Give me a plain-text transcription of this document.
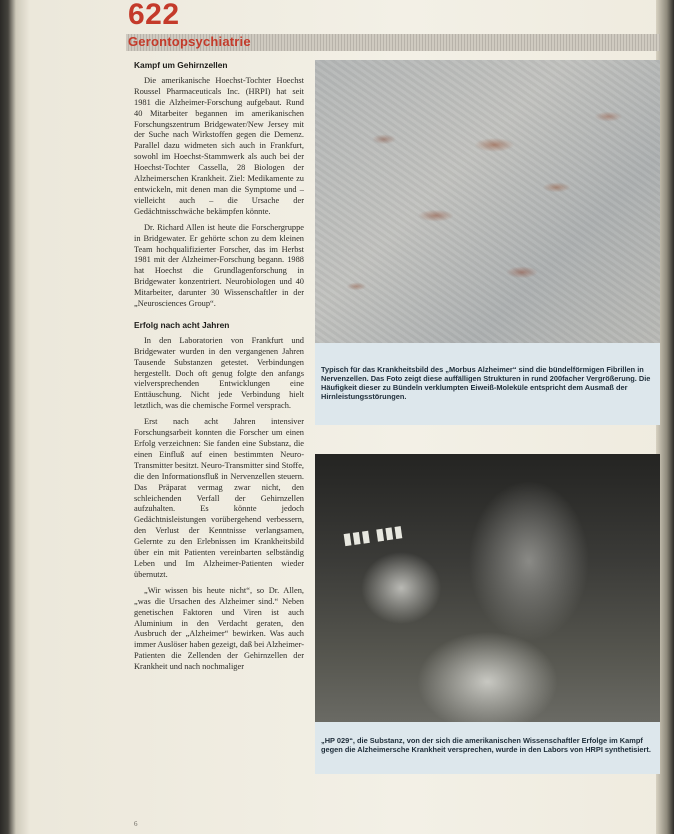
622
Gerontopsychiatrie
Kampf um Gehirnzellen

Die amerikanische Hoechst-Tochter Hoechst Roussel Pharmaceuticals Inc. (HRPI) hat seit 1981 die Alzheimer-Forschung aufgebaut. Rund 40 Mitarbeiter begannen im amerikanischen Forschungszentrum Bridgewater/New Jersey mit der Suche nach Wirkstoffen gegen die Demenz. Parallel dazu widmeten sich auch in Frankfurt, sowohl im Hoechst-Stammwerk als auch bei der Hoechst-Tochter Cassella, 28 Biologen der Alzheimerschen Krankheit. Ziel: Medikamente zu entwickeln, mit denen man die Symptome und – vielleicht auch – die Ursache der Gedächtnisschwäche bekämpfen könnte.

Dr. Richard Allen ist heute die Forschergruppe in Bridgewater. Er gehörte schon zu dem kleinen Team hochqualifizierter Forscher, das im Herbst 1981 mit der Alzheimer-Forschung begann. 1988 hat Hoechst die Grundlagenforschung in Bridgewater konzentriert. Neurobiologen und 40 Mitarbeiter, darunter 30 Wissenschaftler in der „Neurosciences Group“.

Erfolg nach acht Jahren

In den Laboratorien von Frankfurt und Bridgewater wurden in den vergangenen Jahren Tausende Substanzen getestet. Verbindungen hergestellt. Doch oft genug folgte den anfangs vielversprechenden Entwicklungen eine Enttäuschung. Nicht jede Verbindung hielt letztlich, was die chemische Formel versprach.

Erst nach acht Jahren intensiver Forschungsarbeit konnten die Forscher um einen Erfolg verzeichnen: Sie fanden eine Substanz, die einen Einfluß auf einen bestimmten Neuro-Transmitter besitzt. Neuro-Transmitter sind Stoffe, die den Informationsfluß in Nervenzellen steuern. Das Präparat vermag zwar nicht, den schleichenden Verfall der Gehirnzellen aufzuhalten. Es könnte jedoch Gedächtnisleistungen vorübergehend verbessern, den Verlust der Kenntnisse verlangsamen, Gelernte zu den Erlebnissen im Krankheitsbild über ein mit Patienten vereinbarten selbständig Leben und Im Alzheimer-Patienten wieder übernutzt.

„Wir wissen bis heute nicht“, so Dr. Allen, „was die Ursachen des Alzheimer sind.“ Neben genetischen Faktoren und Viren ist auch Aluminium in den Verdacht geraten, den Ausbruch der „Alzheimer“ bewirken. Was auch immer Auslöser haben gezeigt, daß bei Alzheimer-Patienten die Zellenden der Gehirnzellen der Krankheit und nach nochmaliger

Typisch für das Krankheitsbild des „Morbus Alzheimer“ sind die bündelförmigen Fibrillen in Nervenzellen. Das Foto zeigt diese auffälligen Strukturen in rund 200facher Vergrößerung. Die Häufigkeit dieser zu Bündeln verklumpten Eiweiß-Moleküle entspricht dem Ausmaß der Hirnleistungsstörungen.
▮▮▮ ▮▮▮
„HP 029“, die Substanz, von der sich die amerikanischen Wissenschaftler Erfolge im Kampf gegen die Alzheimersche Krankheit versprechen, wurde in den Labors von HRPI synthetisiert.
6
